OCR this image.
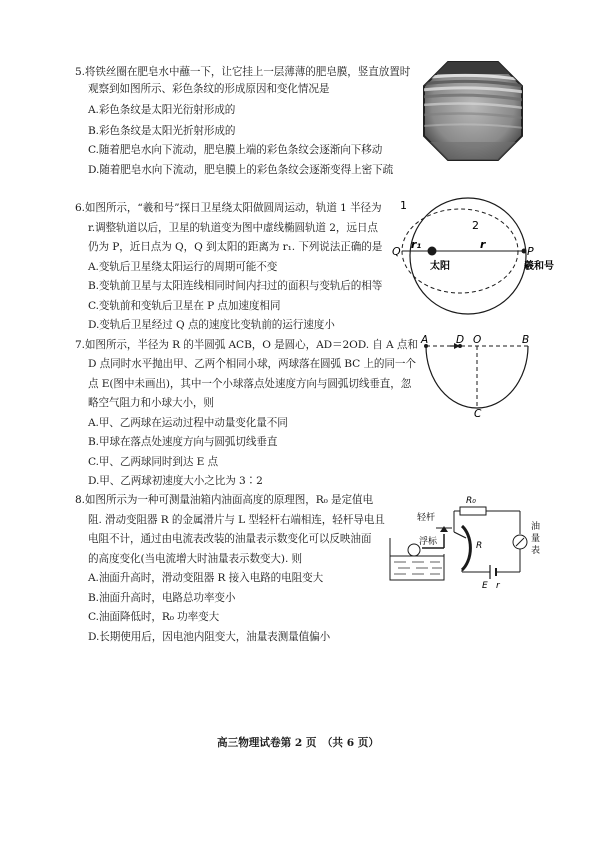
5.将铁丝圈在肥皂水中蘸一下，让它挂上一层薄薄的肥皂膜，竖直放置时
观察到如图所示、彩色条纹的形成原因和变化情况是
A.彩色条纹是太阳光衍射形成的
B.彩色条纹是太阳光折射形成的
C.随着肥皂水向下流动，肥皂膜上端的彩色条纹会逐渐向下移动
D.随着肥皂水向下流动，肥皂膜上的彩色条纹会逐渐变得上密下疏
6.如图所示，“羲和号”探日卫星绕太阳做圆周运动，轨道 1 半径为
r.调整轨道以后，卫星的轨道变为图中虚线椭圆轨道 2，远日点
仍为 P，近日点为 Q，Q 到太阳的距离为 r₁. 下列说法正确的是
A.变轨后卫星绕太阳运行的周期可能不变
B.变轨前卫星与太阳连线相同时间内扫过的面积与变轨后的相等
C.变轨前和变轨后卫星在 P 点加速度相同
D.变轨后卫星经过 Q 点的速度比变轨前的运行速度小
1
2
Q
r₁	r
P
太阳	羲和号
7.如图所示，半径为 R 的半圆弧 ACB，O 是圆心，AD＝2OD. 自 A 点和
D 点同时水平抛出甲、乙两个相同小球，两球落在圆弧 BC 上的同一个
点 E(图中未画出)，其中一个小球落点处速度方向与圆弧切线垂直，忽
略空气阻力和小球大小，则
A.甲、乙两球在运动过程中动量变化量不同
B.甲球在落点处速度方向与圆弧切线垂直
C.甲、乙两球同时到达 E 点
D.甲、乙两球初速度大小之比为 3∶2
A	D O	B
C
8.如图所示为一种可测量油箱内油面高度的原理图，R₀ 是定值电
阻. 滑动变阻器 R 的金属滑片与 L 型轻杆右端相连，轻杆导电且
电阻不计，通过由电流表改装的油量表示数变化可以反映油面
的高度变化(当电流增大时油量表示数变大). 则
A.油面升高时，滑动变阻器 R 接入电路的电阻变大
B.油面升高时，电路总功率变小
C.油面降低时，R₀ 功率变大
D.长期使用后，因电池内阻变大，油量表测量值偏小
R₀
油
量
表
E r
R
轻杆
浮标
高三物理试卷第 2 页　（共 6 页）
